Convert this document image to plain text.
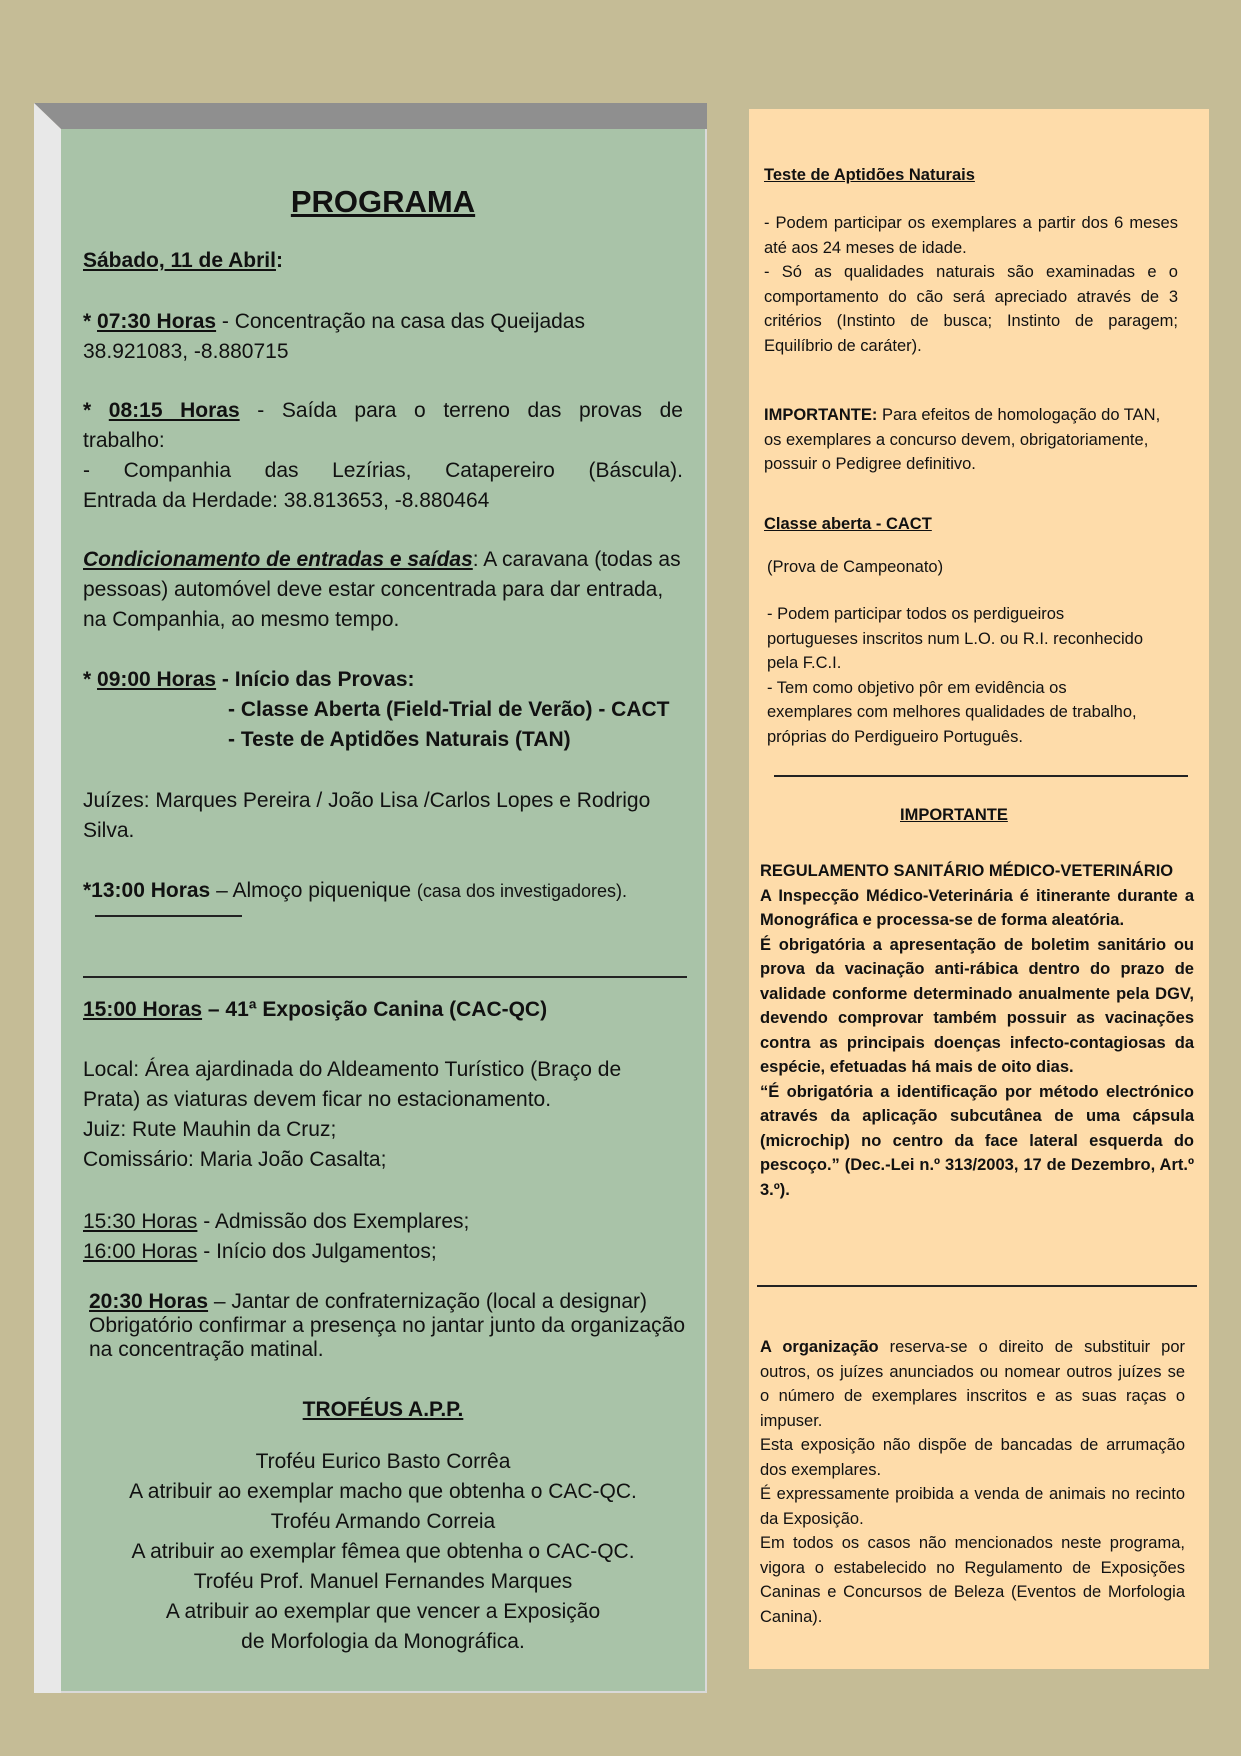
PROGRAMA
Sábado, 11 de Abril:

* 07:30 Horas - Concentração na casa das Queijadas

38.921083, -8.880715

* 08:15 Horas - Saída para o terreno das provas de

trabalho:

- Companhia das Lezírias, Catapereiro (Báscula).

Entrada da Herdade: 38.813653, -8.880464

Condicionamento de entradas e saídas: A caravana (todas as pessoas) automóvel deve estar concentrada para dar entrada, na Companhia, ao mesmo tempo.

* 09:00 Horas - Início das Provas:

- Classe Aberta (Field-Trial de Verão) - CACT

- Teste de Aptidões Naturais (TAN)

Juízes: Marques Pereira / João Lisa /Carlos Lopes e Rodrigo Silva.

*13:00 Horas – Almoço piquenique (casa dos investigadores).

15:00 Horas – 41ª Exposição Canina (CAC-QC)

Local: Área ajardinada do Aldeamento Turístico (Braço de Prata) as viaturas devem ficar no estacionamento.

Juiz: Rute Mauhin da Cruz;

Comissário: Maria João Casalta;

15:30 Horas - Admissão dos Exemplares;

16:00 Horas - Início dos Julgamentos;

20:30 Horas – Jantar de confraternização (local a designar)

Obrigatório confirmar a presença no jantar junto da organização na concentração matinal.

TROFÉUS A.P.P.

Troféu Eurico Basto Corrêa

A atribuir ao exemplar macho que obtenha o CAC-QC.

Troféu Armando Correia

A atribuir ao exemplar fêmea que obtenha o CAC-QC.

Troféu Prof. Manuel Fernandes Marques

A atribuir ao exemplar que vencer a Exposição de Morfologia da Monográfica.

Teste de Aptidões Naturais

- Podem participar os exemplares a partir dos 6 meses até aos 24 meses de idade.

- Só as qualidades naturais são examinadas e o comportamento do cão será apreciado através de 3 critérios (Instinto de busca; Instinto de paragem; Equilíbrio de caráter).

IMPORTANTE: Para efeitos de homologação do TAN, os exemplares a concurso devem, obrigatoriamente, possuir o Pedigree definitivo.

Classe aberta - CACT
(Prova de Campeonato)

- Podem participar todos os perdigueiros portugueses inscritos num L.O. ou R.I. reconhecido pela F.C.I.

- Tem como objetivo pôr em evidência os exemplares com melhores qualidades de trabalho, próprias do Perdigueiro Português.

IMPORTANTE

REGULAMENTO SANITÁRIO MÉDICO-VETERINÁRIO

A Inspecção Médico-Veterinária é itinerante durante a Monográfica e processa-se de forma aleatória.

É obrigatória a apresentação de boletim sanitário ou prova da vacinação anti-rábica dentro do prazo de validade conforme determinado anualmente pela DGV, devendo comprovar também possuir as vacinações contra as principais doenças infecto-contagiosas da espécie, efetuadas há mais de oito dias.

“É obrigatória a identificação por método electrónico através da aplicação subcutânea de uma cápsula (microchip) no centro da face lateral esquerda do pescoço.” (Dec.-Lei n.º 313/2003, 17 de Dezembro, Art.º 3.º).

A organização reserva-se o direito de substituir por outros, os juízes anunciados ou nomear outros juízes se o número de exemplares inscritos e as suas raças o impuser.

Esta exposição não dispõe de bancadas de arrumação dos exemplares.

É expressamente proibida a venda de animais no recinto da Exposição.

Em todos os casos não mencionados neste programa, vigora o estabelecido no Regulamento de Exposições Caninas e Concursos de Beleza (Eventos de Morfologia Canina).
